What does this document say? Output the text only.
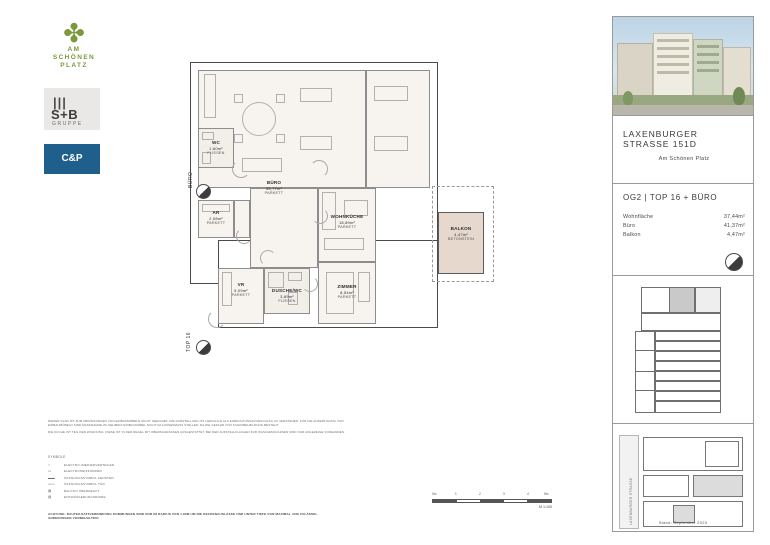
✤
AM
SCHÖNEN
PLATZ
|||
S+B
GRUPPE
C&P
WC
1,60m²
FLIESEN
BÜRO
35,77m²
PARKETT
AR
2,08m²
PARKETT
WOHNKÜCHE
18,89m²
PARKETT
VR
5,09m²
PARKETT
DUSCHE/WC
3,89m²
FLIESEN
ZIMMER
8,54m²
PARKETT
BALKON
4,47m²
BETONSTEIN
BÜRO
TOP 16

DIESER PLAN IST ZUM ABKÜRZUNGEN VON EINBAUMÖBELN NICHT GEEIGNET, DIE DARSTELLUNG IST LEDIGLICH ALS EINRICHTUNGSVORSCHLAG ZU VERSTEHEN. FÜR DIE ANFERTIGUNG VON EINBAUMÖBELN SIND MASSNAHME ZU NEHMEN! EINBAUMÖBEL NICHT IM AUSSENMASS STELLEN, DA DIE GEFAHR VON SCHIMMELBILDUNG BESTEHT.

DIE KÜCHE IST TEIL DER WOHNUNG. DIESE IST IN DER REGEL MIT OBERSCHRÄNKEN AUSGESTATTET. BEI DER AUFSTELLFLÄCHEN FÜR WASCHMASCHINEN SIND NUR ANGEZEIGE VORHANDEN.

SYMBOLE
⌁	ELEKTRO-/MEDIENVERTEILER
▭	ELEKTROHEIZKÖRPER
▬▬	ÖFFNUNGSSYMBOL FENSTER
▭▭	ÖFFNUNGSSYMBOL TÜR
▤	BALKON ÜBERDECKT
▨	ENTWÄSSERUNGSRINNE
ACHTUNG: BAUTEILSATZVERBINDUNG KOMMUNGEN SIND NUR IM RADIUS VON 1,80M UM DIE DECKENAUSLÄSSE UND UNTER TIEFE VON MAXIMAL 4CM ZULÄSSIG. ÄNDERUNGEN VORBEHALTEN!
0m	1	2	3	4	5m
M 1:100
LAXENBURGER STRASSE 151D
Am Schönen Platz
OG2 | TOP 16 + BÜRO
Wohnfläche	37,44m²
Büro	41,37m²
Balkon	4,47m²
LAXENBURGER STRASSE	Stand: September 2023
